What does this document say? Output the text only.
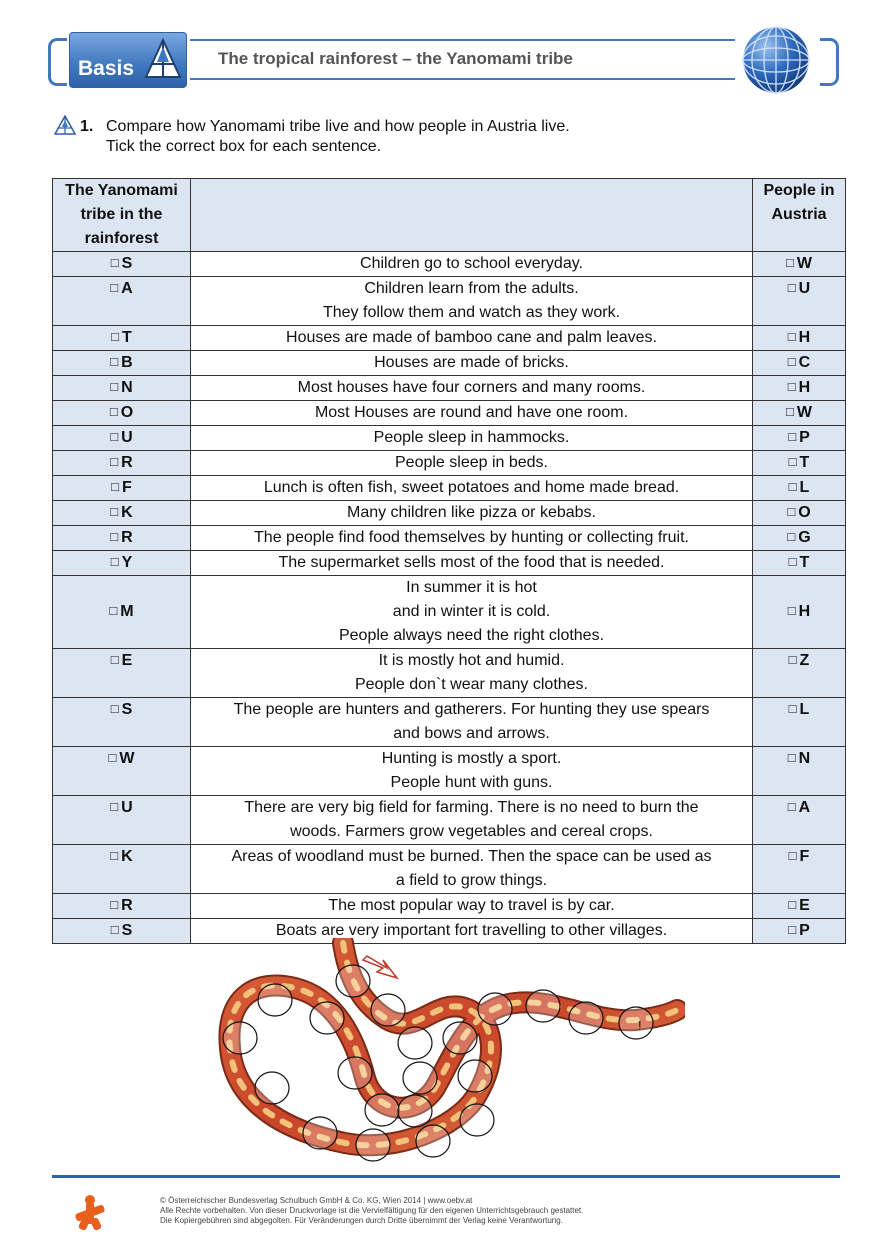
Basis	The tropical rainforest – the Yanomami tribe
1. Compare how Yanomami tribe live and how people in Austria live.
Tick the correct box for each sentence.
The Yanomami tribe in the rainforest		People in Austria
□ S	Children go to school everyday.	□ W
□ A	Children learn from the adults.
They follow them and watch as they work.	□ U
□ T	Houses are made of bamboo cane and palm leaves.	□ H
□ B	Houses are made of bricks.	□ C
□ N	Most houses have four corners and many rooms.	□ H
□ O	Most Houses are round and have one room.	□ W
□ U	People sleep in hammocks.	□ P
□ R	People sleep in beds.	□ T
□ F	Lunch is often fish, sweet potatoes and home made bread.	□ L
□ K	Many children like pizza or kebabs.	□ O
□ R	The people find food themselves by hunting or collecting fruit.	□ G
□ Y	The supermarket sells most of the food that is needed.	□ T
□ M	In summer it is hot
and in winter it is cold.
People always need the right clothes.	□ H
□ E	It is mostly hot and humid.
People don`t wear many clothes.	□ Z
□ S	The people are hunters and gatherers. For hunting they use spears
and bows and arrows.	□ L
□ W	Hunting is mostly a sport.
People hunt with guns.	□ N
□ U	There are very big field for farming. There is no need to burn the
woods. Farmers grow vegetables and cereal crops.	□ A
□ K	Areas of woodland must be burned. Then the space can be used as
a field to grow things.	□ F
□ R	The most popular way to travel is by car.	□ E
□ S	Boats are very important fort travelling to other villages.	□ P
!
© Österreichischer Bundesverlag Schulbuch GmbH & Co. KG, Wien 2014 | www.oebv.at
Alle Rechte vorbehalten. Von dieser Druckvorlage ist die Vervielfältigung für den eigenen Unterrichtsgebrauch gestattet.
Die Kopiergebühren sind abgegolten. Für Veränderungen durch Dritte übernimmt der Verlag keine Verantwortung.
